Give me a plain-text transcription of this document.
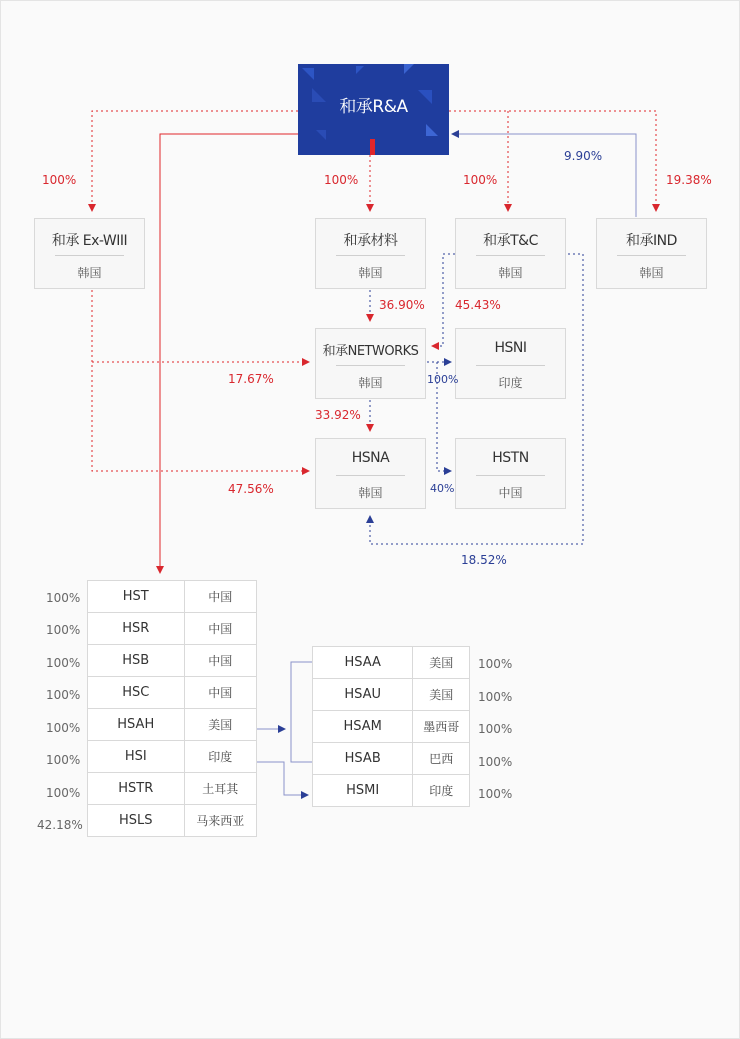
和承R&A
和承 Ex-WIII
韩国
和承材料
韩国
和承T&C
韩国
和承IND
韩国
和承NETWORKS
韩国
HSNI
印度
HSNA
韩国
HSTN
中国
100%	100%	100%
9.90%
19.38%
36.90%	45.43%
17.67%	100%
33.92%
47.56%	40%
18.52%
HST	中国
HSR	中国
HSB	中国
HSC	中国
HSAH	美国
HSI	印度
HSTR	土耳其
HSLS	马来西亚
100%
100%
100%
100%
100%
100%
100%
42.18%
HSAA	美国
HSAU	美国
HSAM	墨西哥
HSAB	巴西
HSMI	印度
100%
100%
100%
100%
100%
